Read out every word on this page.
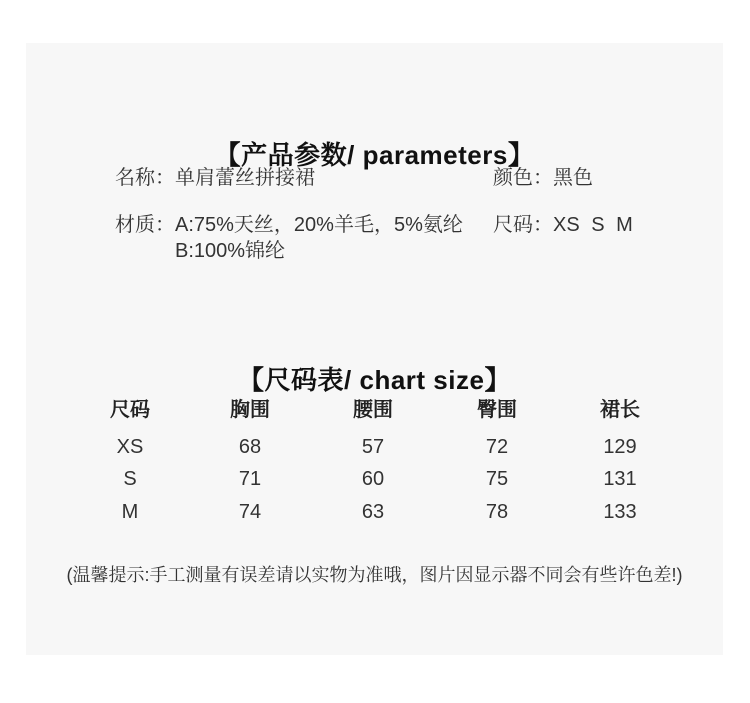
【产品参数/ parameters】
名称：单肩蕾丝拼接裙	颜色：黑色
材质： A:75%天丝，20%羊毛，5%氨纶
B:100%锦纶
尺码：XS S M
【尺码表/ chart size】
尺码	胸围	腰围	臀围	裙长
XS	68	57	72	129
S	71	60	75	131
M	74	63	78	133
(温馨提示:手工测量有误差请以实物为准哦，图片因显示器不同会有些许色差!)
